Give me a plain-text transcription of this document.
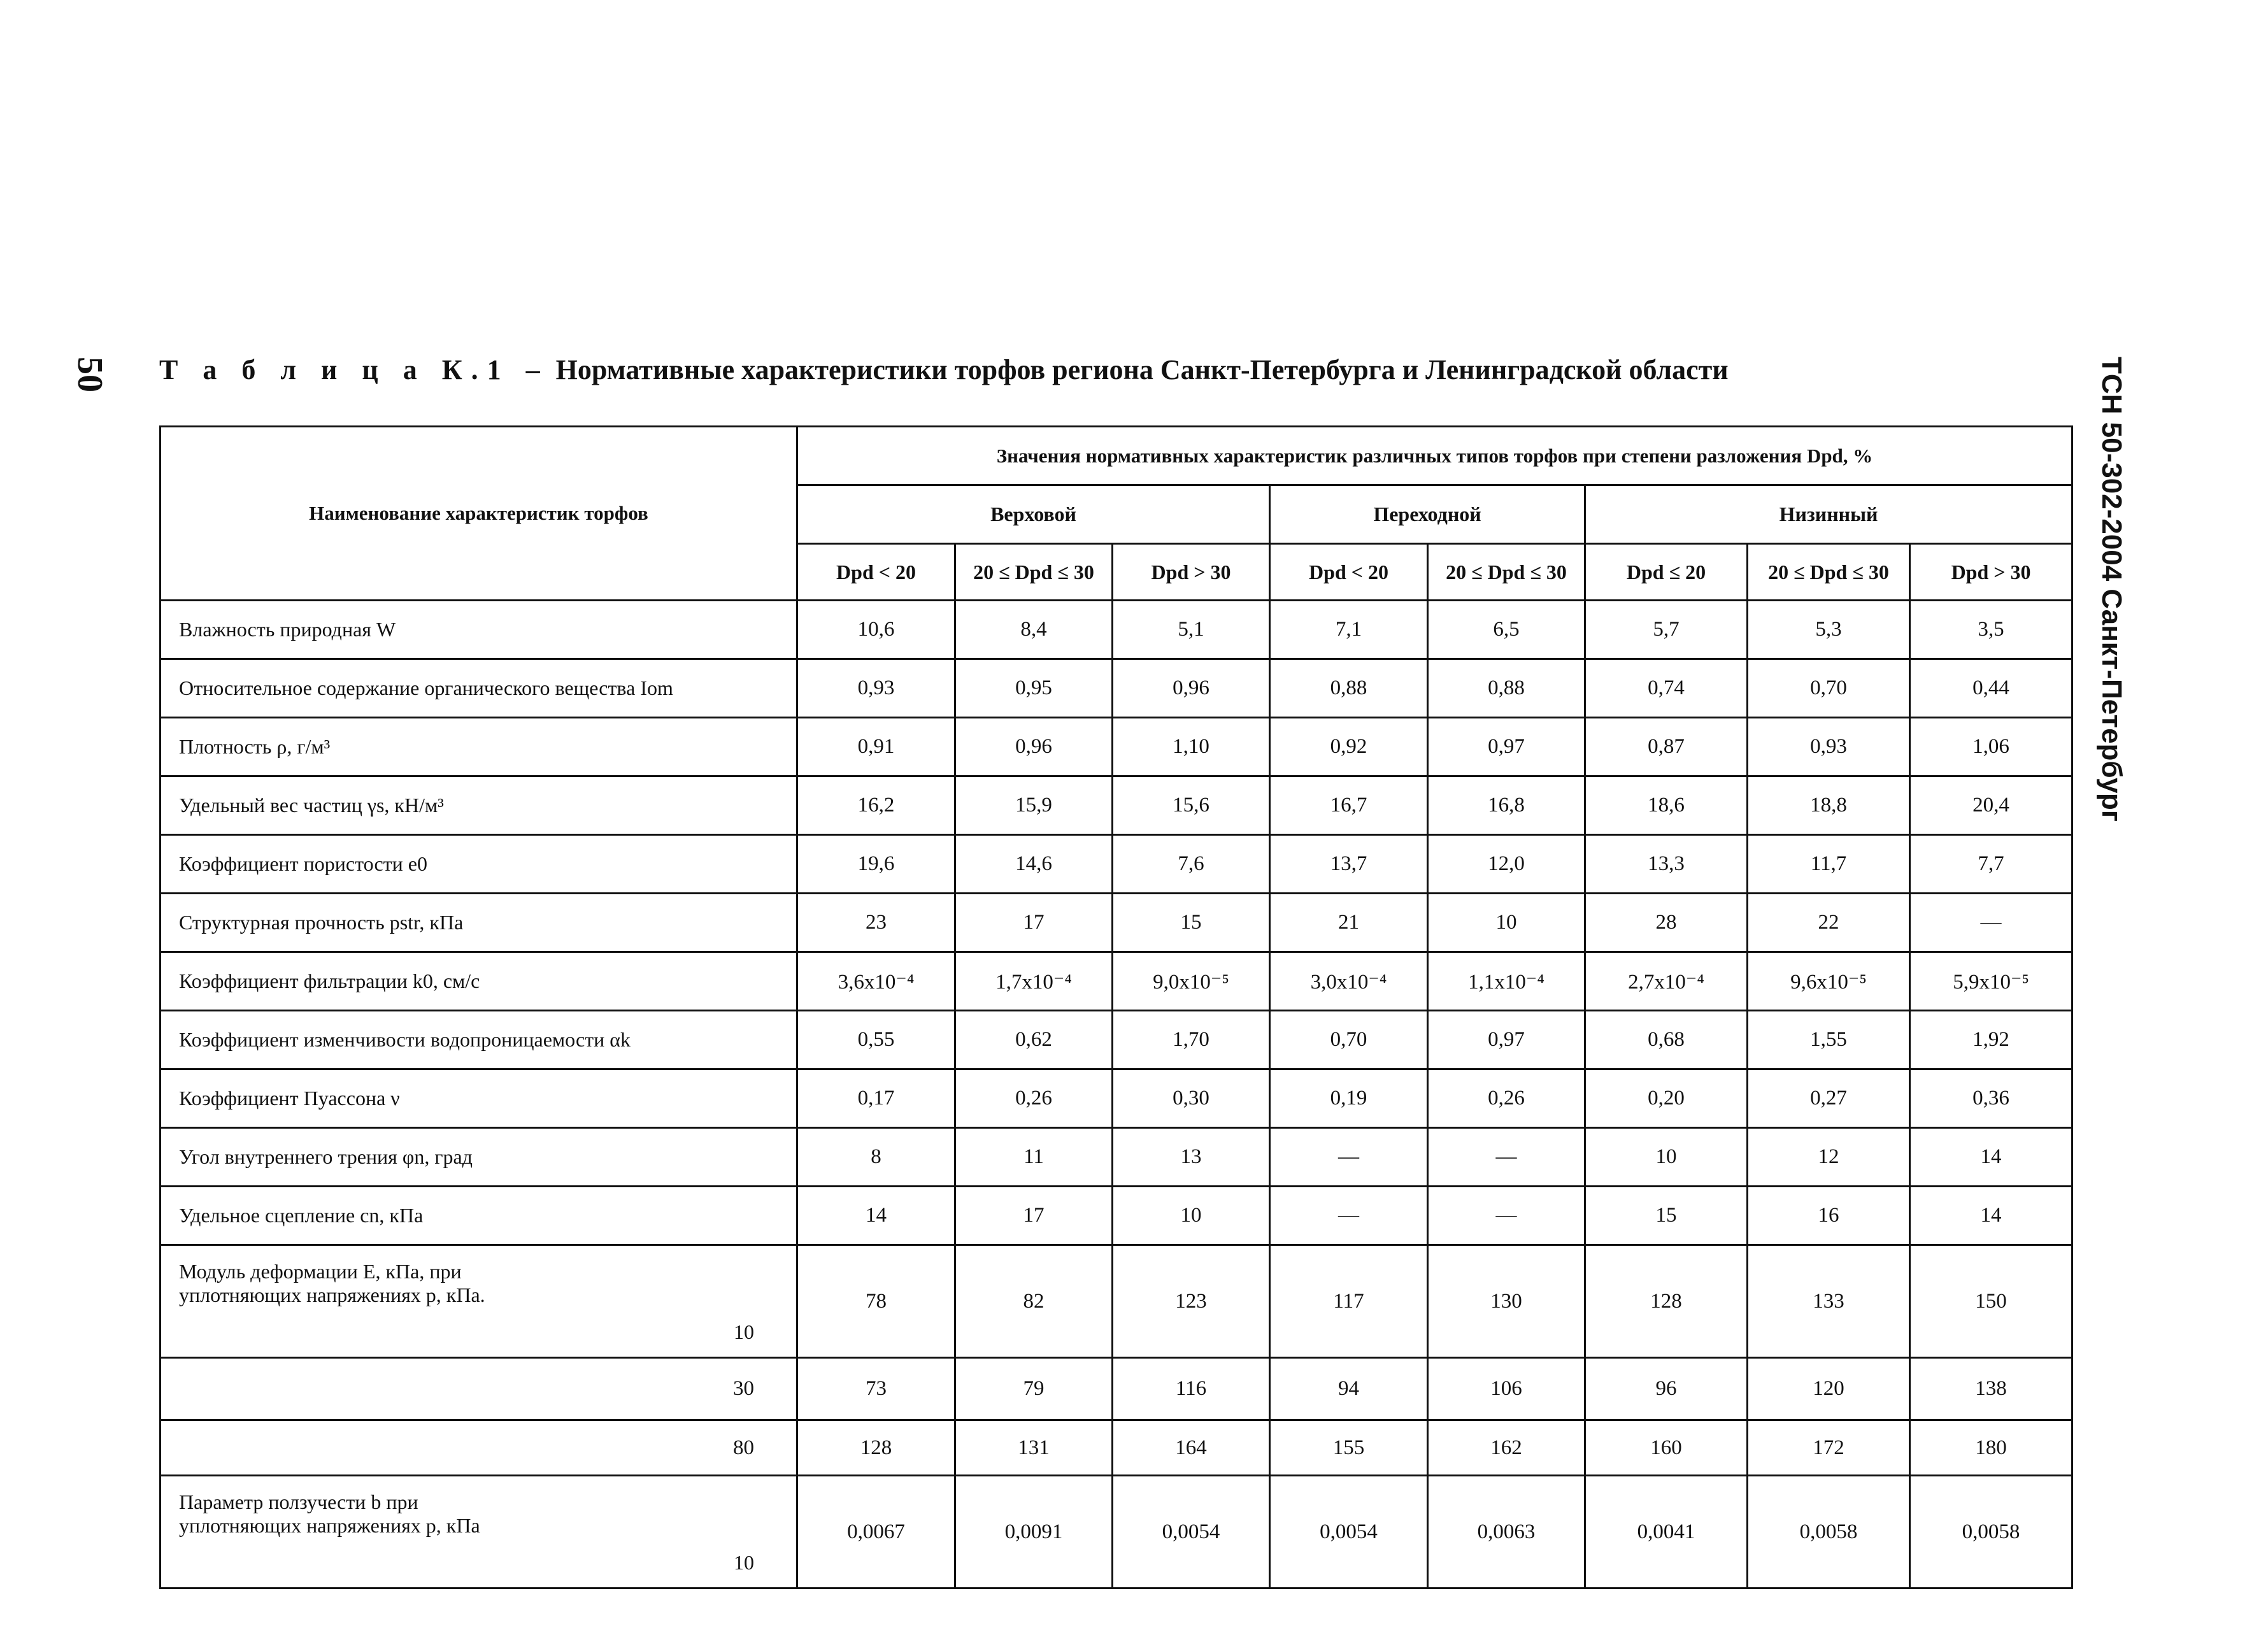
50	ТСН 50-302-2004 Санкт-Петербург
Т а б л и ц а К.1 – Нормативные характеристики торфов региона Санкт-Петербурга и Ленинградской области
Наименование характеристик торфов	Значения нормативных характеристик различных типов торфов при степени разложения Dpd, %							
	Верховой			Переходной		Низинный		
	Dpd < 20	20 ≤ Dpd ≤ 30	Dpd > 30	Dpd < 20	20 ≤ Dpd ≤ 30	Dpd ≤ 20	20 ≤ Dpd ≤ 30	Dpd > 30
Влажность природная W	10,6	8,4	5,1	7,1	6,5	5,7	5,3	3,5
Относительное содержание органического вещества Iom	0,93	0,95	0,96	0,88	0,88	0,74	0,70	0,44
Плотность ρ, г/м³	0,91	0,96	1,10	0,92	0,97	0,87	0,93	1,06
Удельный вес частиц γs, кН/м³	16,2	15,9	15,6	16,7	16,8	18,6	18,8	20,4
Коэффициент пористости e0	19,6	14,6	7,6	13,7	12,0	13,3	11,7	7,7
Структурная прочность pstr, кПа	23	17	15	21	10	28	22	—
Коэффициент фильтрации k0, см/с	3,6x10⁻⁴	1,7x10⁻⁴	9,0x10⁻⁵	3,0x10⁻⁴	1,1x10⁻⁴	2,7x10⁻⁴	9,6x10⁻⁵	5,9x10⁻⁵
Коэффициент изменчивости водопроницаемости αk	0,55	0,62	1,70	0,70	0,97	0,68	1,55	1,92
Коэффициент Пуассона ν	0,17	0,26	0,30	0,19	0,26	0,20	0,27	0,36
Угол внутреннего трения φn, град	8	11	13	—	—	10	12	14
Удельное сцепление cn, кПа	14	17	10	—	—	15	16	14

Модуль деформации E, кПа, при уплотняющих напряжениях p, кПа.
10	78	82	123	117	130	128	133	150
30	73	79	116	94	106	96	120	138
80	128	131	164	155	162	160	172	180

Параметр ползучести b при уплотняющих напряжениях p, кПа
10	0,0067	0,0091	0,0054	0,0054	0,0063	0,0041	0,0058	0,0058
